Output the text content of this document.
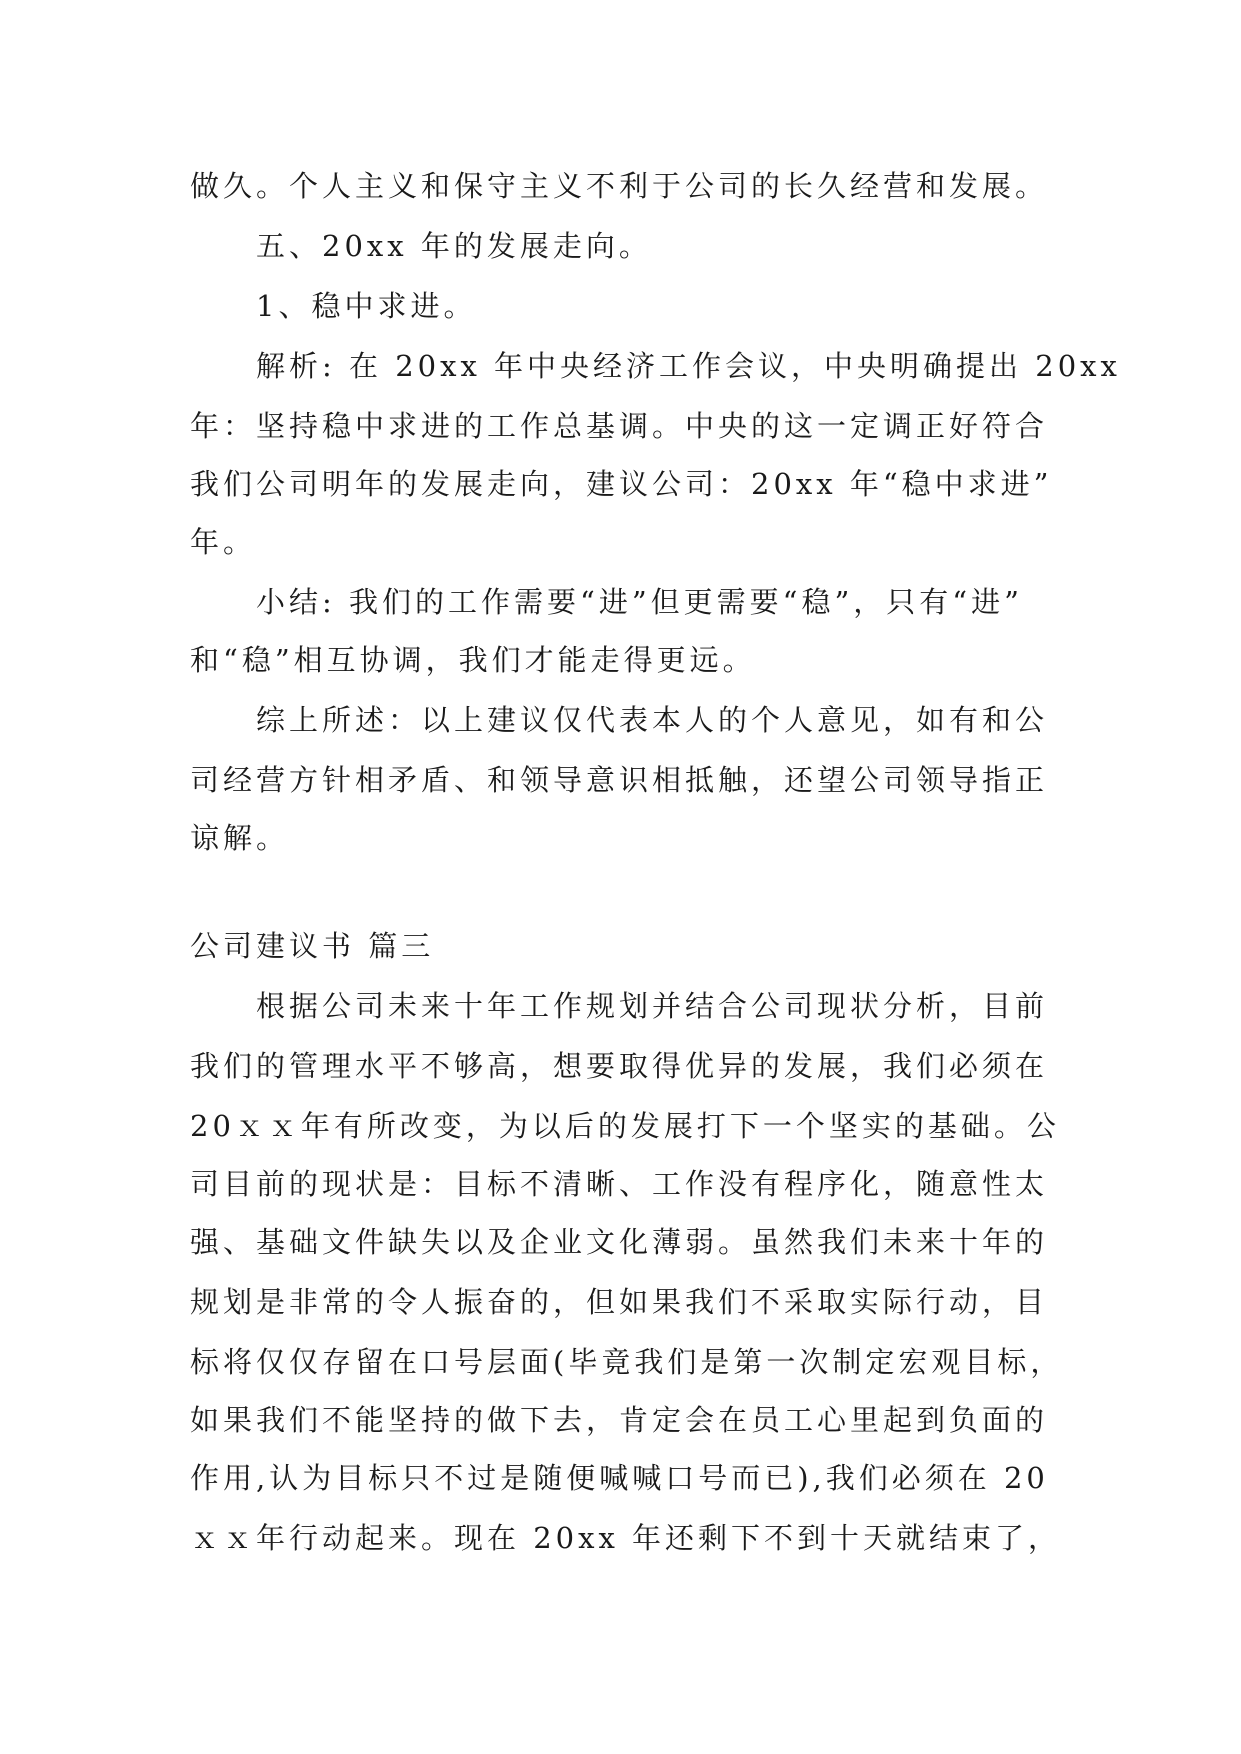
做久。个人主义和保守主义不利于公司的长久经营和发展。
五、20xx 年的发展走向。
1、稳中求进。
解析: 在 20xx 年中央经济工作会议，中央明确提出 20xx
年：坚持稳中求进的工作总基调。中央的这一定调正好符合
我们公司明年的发展走向，建议公司：20xx 年“稳中求进”
年。
小结: 我们的工作需要“进”但更需要“稳”，只有“进”
和“稳”相互协调，我们才能走得更远。
综上所述：以上建议仅代表本人的个人意见，如有和公
司经营方针相矛盾、和领导意识相抵触，还望公司领导指正
谅解。
公司建议书 篇三
根据公司未来十年工作规划并结合公司现状分析，目前
我们的管理水平不够高，想要取得优异的发展，我们必须在
20ｘｘ年有所改变，为以后的发展打下一个坚实的基础。公
司目前的现状是：目标不清晰、工作没有程序化，随意性太
强、基础文件缺失以及企业文化薄弱。虽然我们未来十年的
规划是非常的令人振奋的，但如果我们不采取实际行动，目
标将仅仅存留在口号层面(毕竟我们是第一次制定宏观目标，
如果我们不能坚持的做下去，肯定会在员工心里起到负面的
作用,认为目标只不过是随便喊喊口号而已),我们必须在 20
ｘｘ年行动起来。现在 20xx 年还剩下不到十天就结束了，
